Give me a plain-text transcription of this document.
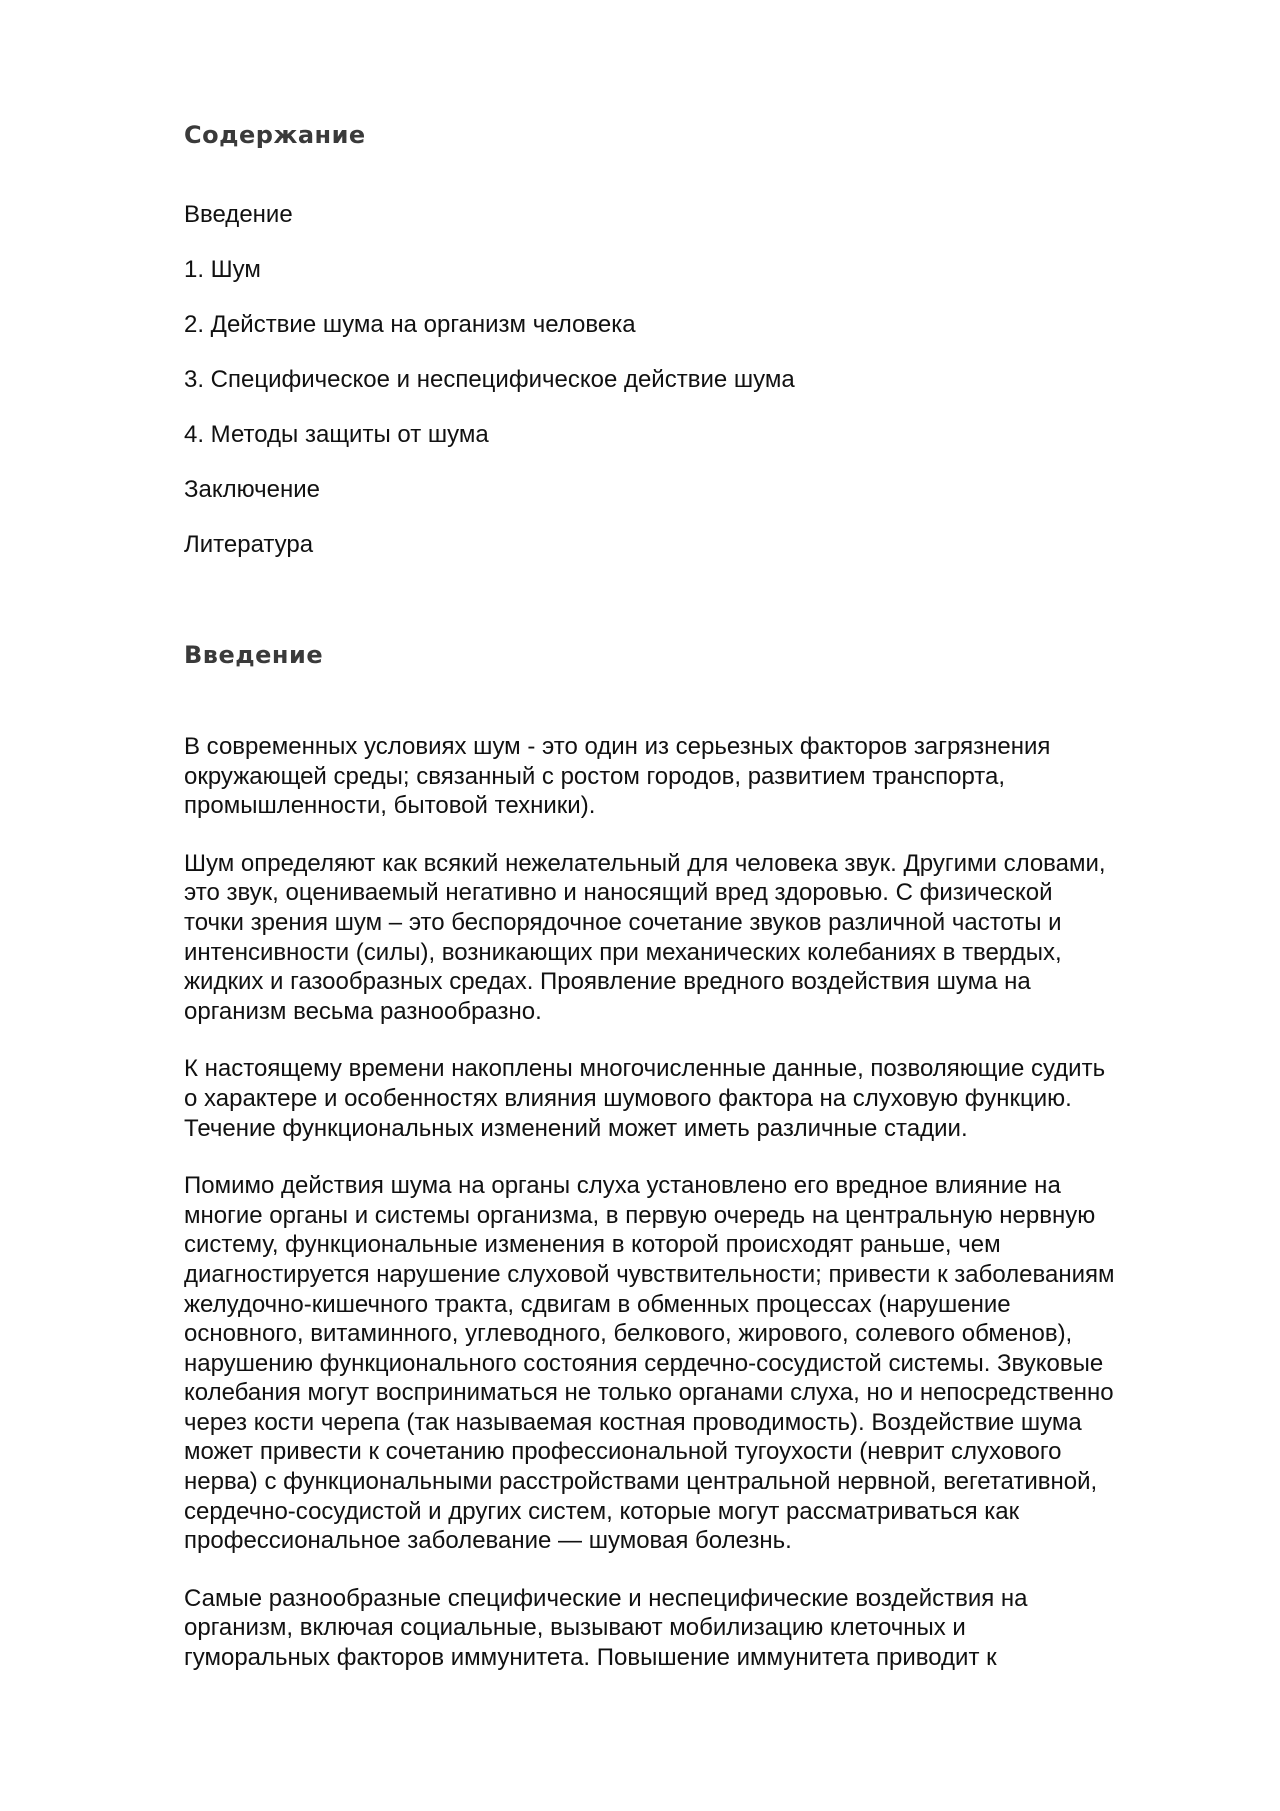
Содержание
Введение
1. Шум
2. Действие шума на организм человека
3. Специфическое и неспецифическое действие шума
4. Методы защиты от шума
Заключение
Литература
Введение

В современных условиях шум - это один из серьезных факторов загрязнения
окружающей среды; связанный с ростом городов, развитием транспорта,
промышленности, бытовой техники).

Шум определяют как всякий нежелательный для человека звук. Другими словами,
это звук, оцениваемый негативно и наносящий вред здоровью. С физической
точки зрения шум – это беспорядочное сочетание звуков различной частоты и
интенсивности (силы), возникающих при механических колебаниях в твердых,
жидких и газообразных средах. Проявление вредного воздействия шума на
организм весьма разнообразно.

К настоящему времени накоплены многочисленные данные, позволяющие судить
о характере и особенностях влияния шумового фактора на слуховую функцию.
Течение функциональных изменений может иметь различные стадии.

Помимо действия шума на органы слуха установлено его вредное влияние на
многие органы и системы организма, в первую очередь на центральную нервную
систему, функциональные изменения в которой происходят раньше, чем
диагностируется нарушение слуховой чувствительности; привести к заболеваниям
желудочно-кишечного тракта, сдвигам в обменных процессах (нарушение
основного, витаминного, углеводного, белкового, жирового, солевого обменов),
нарушению функционального состояния сердечно-сосудистой системы. Звуковые
колебания могут восприниматься не только органами слуха, но и непосредственно
через кости черепа (так называемая костная проводимость). Воздействие шума
может привести к сочетанию профессиональной тугоухости (неврит слухового
нерва) с функциональными расстройствами центральной нервной, вегетативной,
сердечно-сосудистой и других систем, которые могут рассматриваться как
профессиональное заболевание — шумовая болезнь.

Самые разнообразные специфические и неспецифические воздействия на
организм, включая социальные, вызывают мобилизацию клеточных и
гуморальных факторов иммунитета. Повышение иммунитета приводит к
